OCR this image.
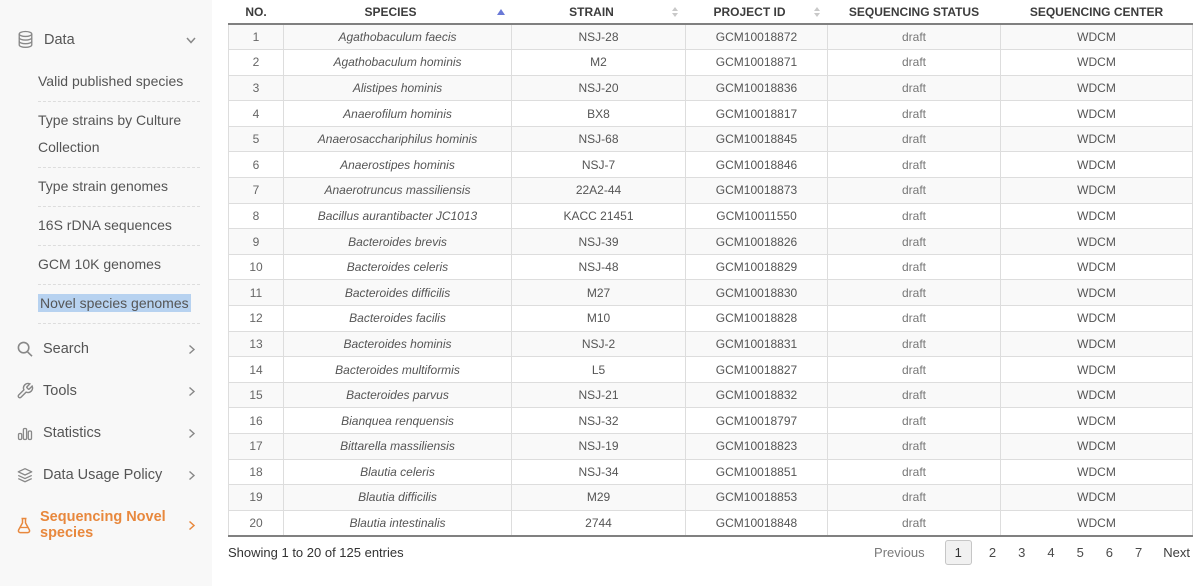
Data
Valid published species
Type strains by Culture Collection
Type strain genomes
16S rDNA sequences
GCM 10K genomes
Novel species genomes
Search
Tools
Statistics
Data Usage Policy
Sequencing Novel species
NO.	SPECIES	STRAIN	PROJECT ID	SEQUENCING STATUS	SEQUENCING CENTER
1	Agathobaculum faecis	NSJ-28	GCM10018872	draft	WDCM
2	Agathobaculum hominis	M2	GCM10018871	draft	WDCM
3	Alistipes hominis	NSJ-20	GCM10018836	draft	WDCM
4	Anaerofilum hominis	BX8	GCM10018817	draft	WDCM
5	Anaerosacchariphilus hominis	NSJ-68	GCM10018845	draft	WDCM
6	Anaerostipes hominis	NSJ-7	GCM10018846	draft	WDCM
7	Anaerotruncus massiliensis	22A2-44	GCM10018873	draft	WDCM
8	Bacillus aurantibacter JC1013	KACC 21451	GCM10011550	draft	WDCM
9	Bacteroides brevis	NSJ-39	GCM10018826	draft	WDCM
10	Bacteroides celeris	NSJ-48	GCM10018829	draft	WDCM
11	Bacteroides difficilis	M27	GCM10018830	draft	WDCM
12	Bacteroides facilis	M10	GCM10018828	draft	WDCM
13	Bacteroides hominis	NSJ-2	GCM10018831	draft	WDCM
14	Bacteroides multiformis	L5	GCM10018827	draft	WDCM
15	Bacteroides parvus	NSJ-21	GCM10018832	draft	WDCM
16	Bianquea renquensis	NSJ-32	GCM10018797	draft	WDCM
17	Bittarella massiliensis	NSJ-19	GCM10018823	draft	WDCM
18	Blautia celeris	NSJ-34	GCM10018851	draft	WDCM
19	Blautia difficilis	M29	GCM10018853	draft	WDCM
20	Blautia intestinalis	2744	GCM10018848	draft	WDCM
Showing 1 to 20 of 125 entries	Previous	1 2 3 4 5 6 7	Next
